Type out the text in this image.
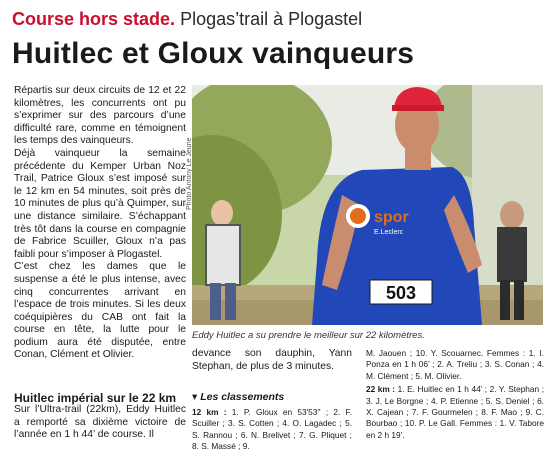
Course hors stade. Plogas’trail à Plogastel
Huitlec et Gloux vainqueurs

Répartis sur deux circuits de 12 et 22 kilomètres, les concurrents ont pu s’exprimer sur des parcours d’une difficulté rare, comme en témoignent les temps des vainqueurs.

Déjà vainqueur la semaine précédente du Kemper Urban Noz Trail, Patrice Gloux s’est imposé sur le 12 km en 54 minutes, soit près de 10 minutes de plus qu’à Quimper, sur une distance similaire. S’échappant très tôt dans la course en compagnie de Fabrice Scuiller, Gloux n’a pas faibli pour s’imposer à Plogastel.

C’est chez les dames que le suspense a été le plus intense, avec cinq concurrentes arrivant en l’espace de trois minutes. Si les deux coéquipières du CAB ont fait la course en tête, la lutte pour le podium aura été disputée, entre Conan, Clément et Olivier.

Huitlec impérial sur le 22 km

Sur l’Ultra-trail (22km), Eddy Huitlec a remporté sa dixième victoire de l’année en 1 h 44’ de course. Il

503
spor
E.Leclerc
Photo Antony Le Jeune
Eddy Huitlec a su prendre le meilleur sur 22 kilomètres.

devance son dauphin, Yann Stephan, de plus de 3 minutes.

▾ Les classements

12 km : 1. P. Gloux en 53'53'' ; 2. F. Scuiller ; 3. S. Cotten ; 4. O. Lagadec ; 5. S. Rannou ; 6. N. Brelivet ; 7. G. Pliquet ; 8. S. Massé ; 9.

M. Jaouen ; 10. Y. Scouarnec. Femmes : 1. I. Ponza en 1 h 06’ ; 2. A. Treliu ; 3. S. Conan ; 4. M. Clément ; 5. M. Olivier.

22 km : 1. E. Huitlec en 1 h 44’ ; 2. Y. Stephan ; 3. J. Le Borgne ; 4. P. Etienne ; 5. S. Deniel ; 6. X. Cajean ; 7. F. Gourmelen ; 8. F. Mao ; 9. C. Bourbao ; 10. P. Le Gall. Femmes : 1. V. Tabore en 2 h 19’.
